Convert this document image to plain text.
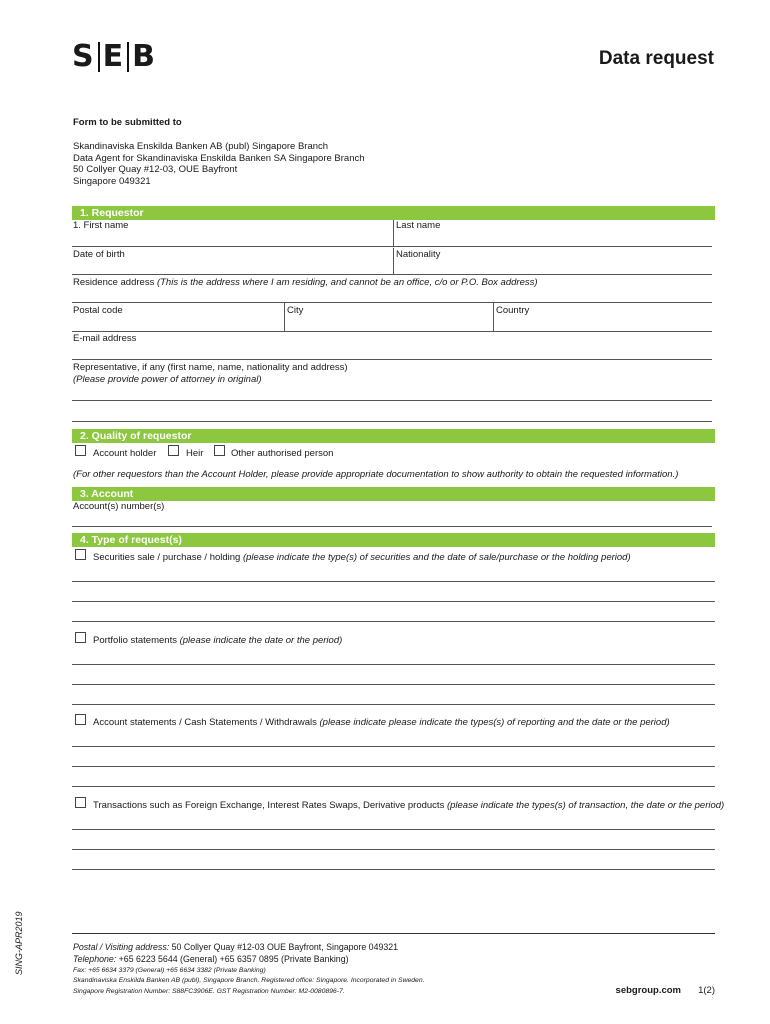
S E B	Data request
Form to be submitted to
Skandinaviska Enskilda Banken AB (publ) Singapore Branch
Data Agent for Skandinaviska Enskilda Banken SA Singapore Branch
50 Collyer Quay #12-03, OUE Bayfront
Singapore 049321
1. Requestor
1. First name	Last name
Date of birth	Nationality
Residence address (This is the address where I am residing, and cannot be an office, c/o or P.O. Box address)
Postal code	City	Country
E-mail address
Representative, if any (first name, name, nationality and address)
(Please provide power of attorney in original)
2. Quality of requestor
Account holder	Heir	Other authorised person
(For other requestors than the Account Holder, please provide appropriate documentation to show authority to obtain the requested information.)
3. Account
Account(s) number(s)
4. Type of request(s)
Securities sale / purchase / holding (please indicate the type(s) of securities and the date of sale/purchase or the holding period)
Portfolio statements (please indicate the date or the period)
Account statements / Cash Statements / Withdrawals (please indicate please indicate the types(s) of reporting and the date or the period)
Transactions such as Foreign Exchange, Interest Rates Swaps, Derivative products (please indicate the types(s) of transaction, the date or the period)
SING-APR2019	Postal / Visiting address: 50 Collyer Quay #12-03 OUE Bayfront, Singapore 049321
Telephone: +65 6223 5644 (General) +65 6357 0895 (Private Banking)
Fax: +65 6634 3379 (General) +65 6634 3382 (Private Banking)
Skandinaviska Enskilda Banken AB (publ), Singapore Branch. Registered office: Singapore. Incorporated in Sweden.
Singapore Registration Number: S88FC3906E. GST Registration Number: M2-0080896-7.	sebgroup.com 1(2)
